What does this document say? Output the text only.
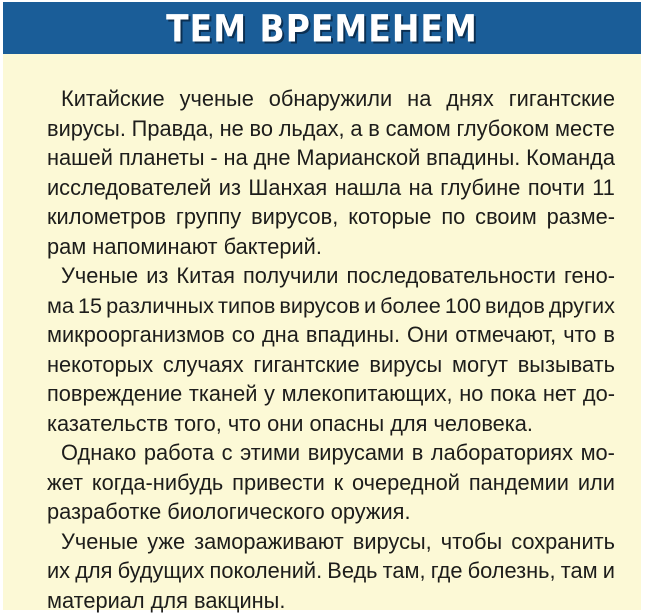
ТЕМ ВРЕМЕНЕМ

Китайские ученые обнаружили на днях гигантские
вирусы. Правда, не во льдах, а в самом глубоком месте
нашей планеты - на дне Марианской впадины. Команда
исследователей из Шанхая нашла на глубине почти 11
километров группу вирусов, которые по своим разме-
рам напоминают бактерий.

Ученые из Китая получили последовательности гено-
ма 15 различных типов вирусов и более 100 видов других
микроорганизмов со дна впадины. Они отмечают, что в
некоторых случаях гигантские вирусы могут вызывать
повреждение тканей у млекопитающих, но пока нет до-
казательств того, что они опасны для человека.

Однако работа с этими вирусами в лабораториях мо-
жет когда-нибудь привести к очередной пандемии или
разработке биологического оружия.

Ученые уже замораживают вирусы, чтобы сохранить
их для будущих поколений. Ведь там, где болезнь, там и
материал для вакцины.
